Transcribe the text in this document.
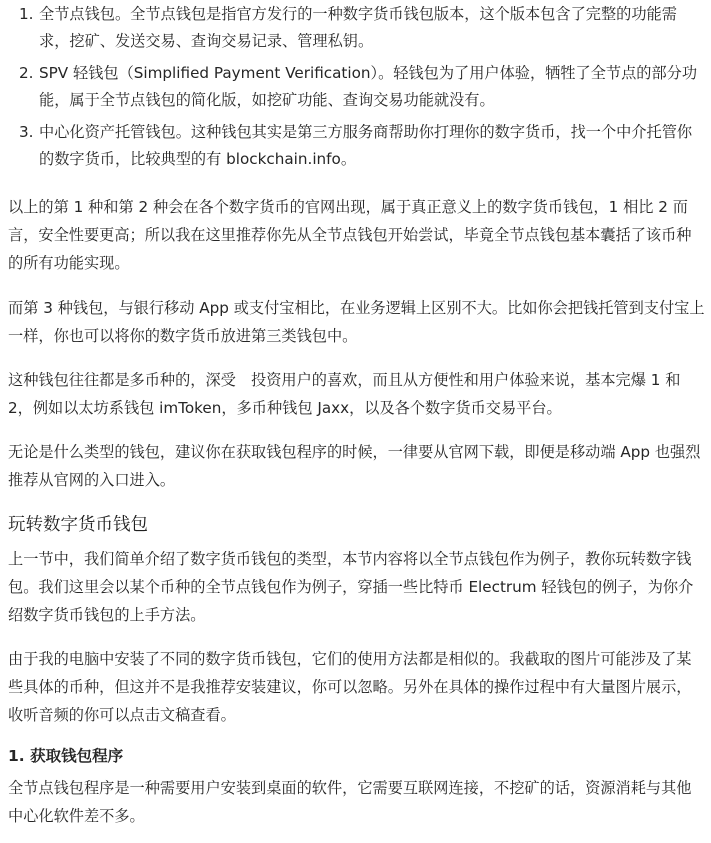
1. 全节点钱包。全节点钱包是指官方发行的一种数字货币钱包版本，这个版本包含了完整的功能需求，挖矿、发送交易、查询交易记录、管理私钥。
2. SPV 轻钱包（Simplified Payment Verification）。轻钱包为了用户体验，牺牲了全节点的部分功能，属于全节点钱包的简化版，如挖矿功能、查询交易功能就没有。
3. 中心化资产托管钱包。这种钱包其实是第三方服务商帮助你打理你的数字货币，找一个中介托管你的数字货币，比较典型的有 blockchain.info。

以上的第 1 种和第 2 种会在各个数字货币的官网出现，属于真正意义上的数字货币钱包，1 相比 2 而言，安全性要更高；所以我在这里推荐你先从全节点钱包开始尝试，毕竟全节点钱包基本囊括了该币种的所有功能实现。

而第 3 种钱包，与银行移动 App 或支付宝相比，在业务逻辑上区别不大。比如你会把钱托管到支付宝上一样，你也可以将你的数字货币放进第三类钱包中。

这种钱包往往都是多币种的，深受　投资用户的喜欢，而且从方便性和用户体验来说，基本完爆 1 和 2，例如以太坊系钱包 imToken，多币种钱包 Jaxx，以及各个数字货币交易平台。

无论是什么类型的钱包，建议你在获取钱包程序的时候，一律要从官网下载，即便是移动端 App 也强烈推荐从官网的入口进入。

玩转数字货币钱包

上一节中，我们简单介绍了数字货币钱包的类型，本节内容将以全节点钱包作为例子，教你玩转数字钱包。我们这里会以某个币种的全节点钱包作为例子，穿插一些比特币 Electrum 轻钱包的例子，为你介绍数字货币钱包的上手方法。

由于我的电脑中安装了不同的数字货币钱包，它们的使用方法都是相似的。我截取的图片可能涉及了某些具体的币种，但这并不是我推荐安装建议，你可以忽略。另外在具体的操作过程中有大量图片展示，收听音频的你可以点击文稿查看。

1. 获取钱包程序

全节点钱包程序是一种需要用户安装到桌面的软件，它需要互联网连接，不挖矿的话，资源消耗与其他中心化软件差不多。
